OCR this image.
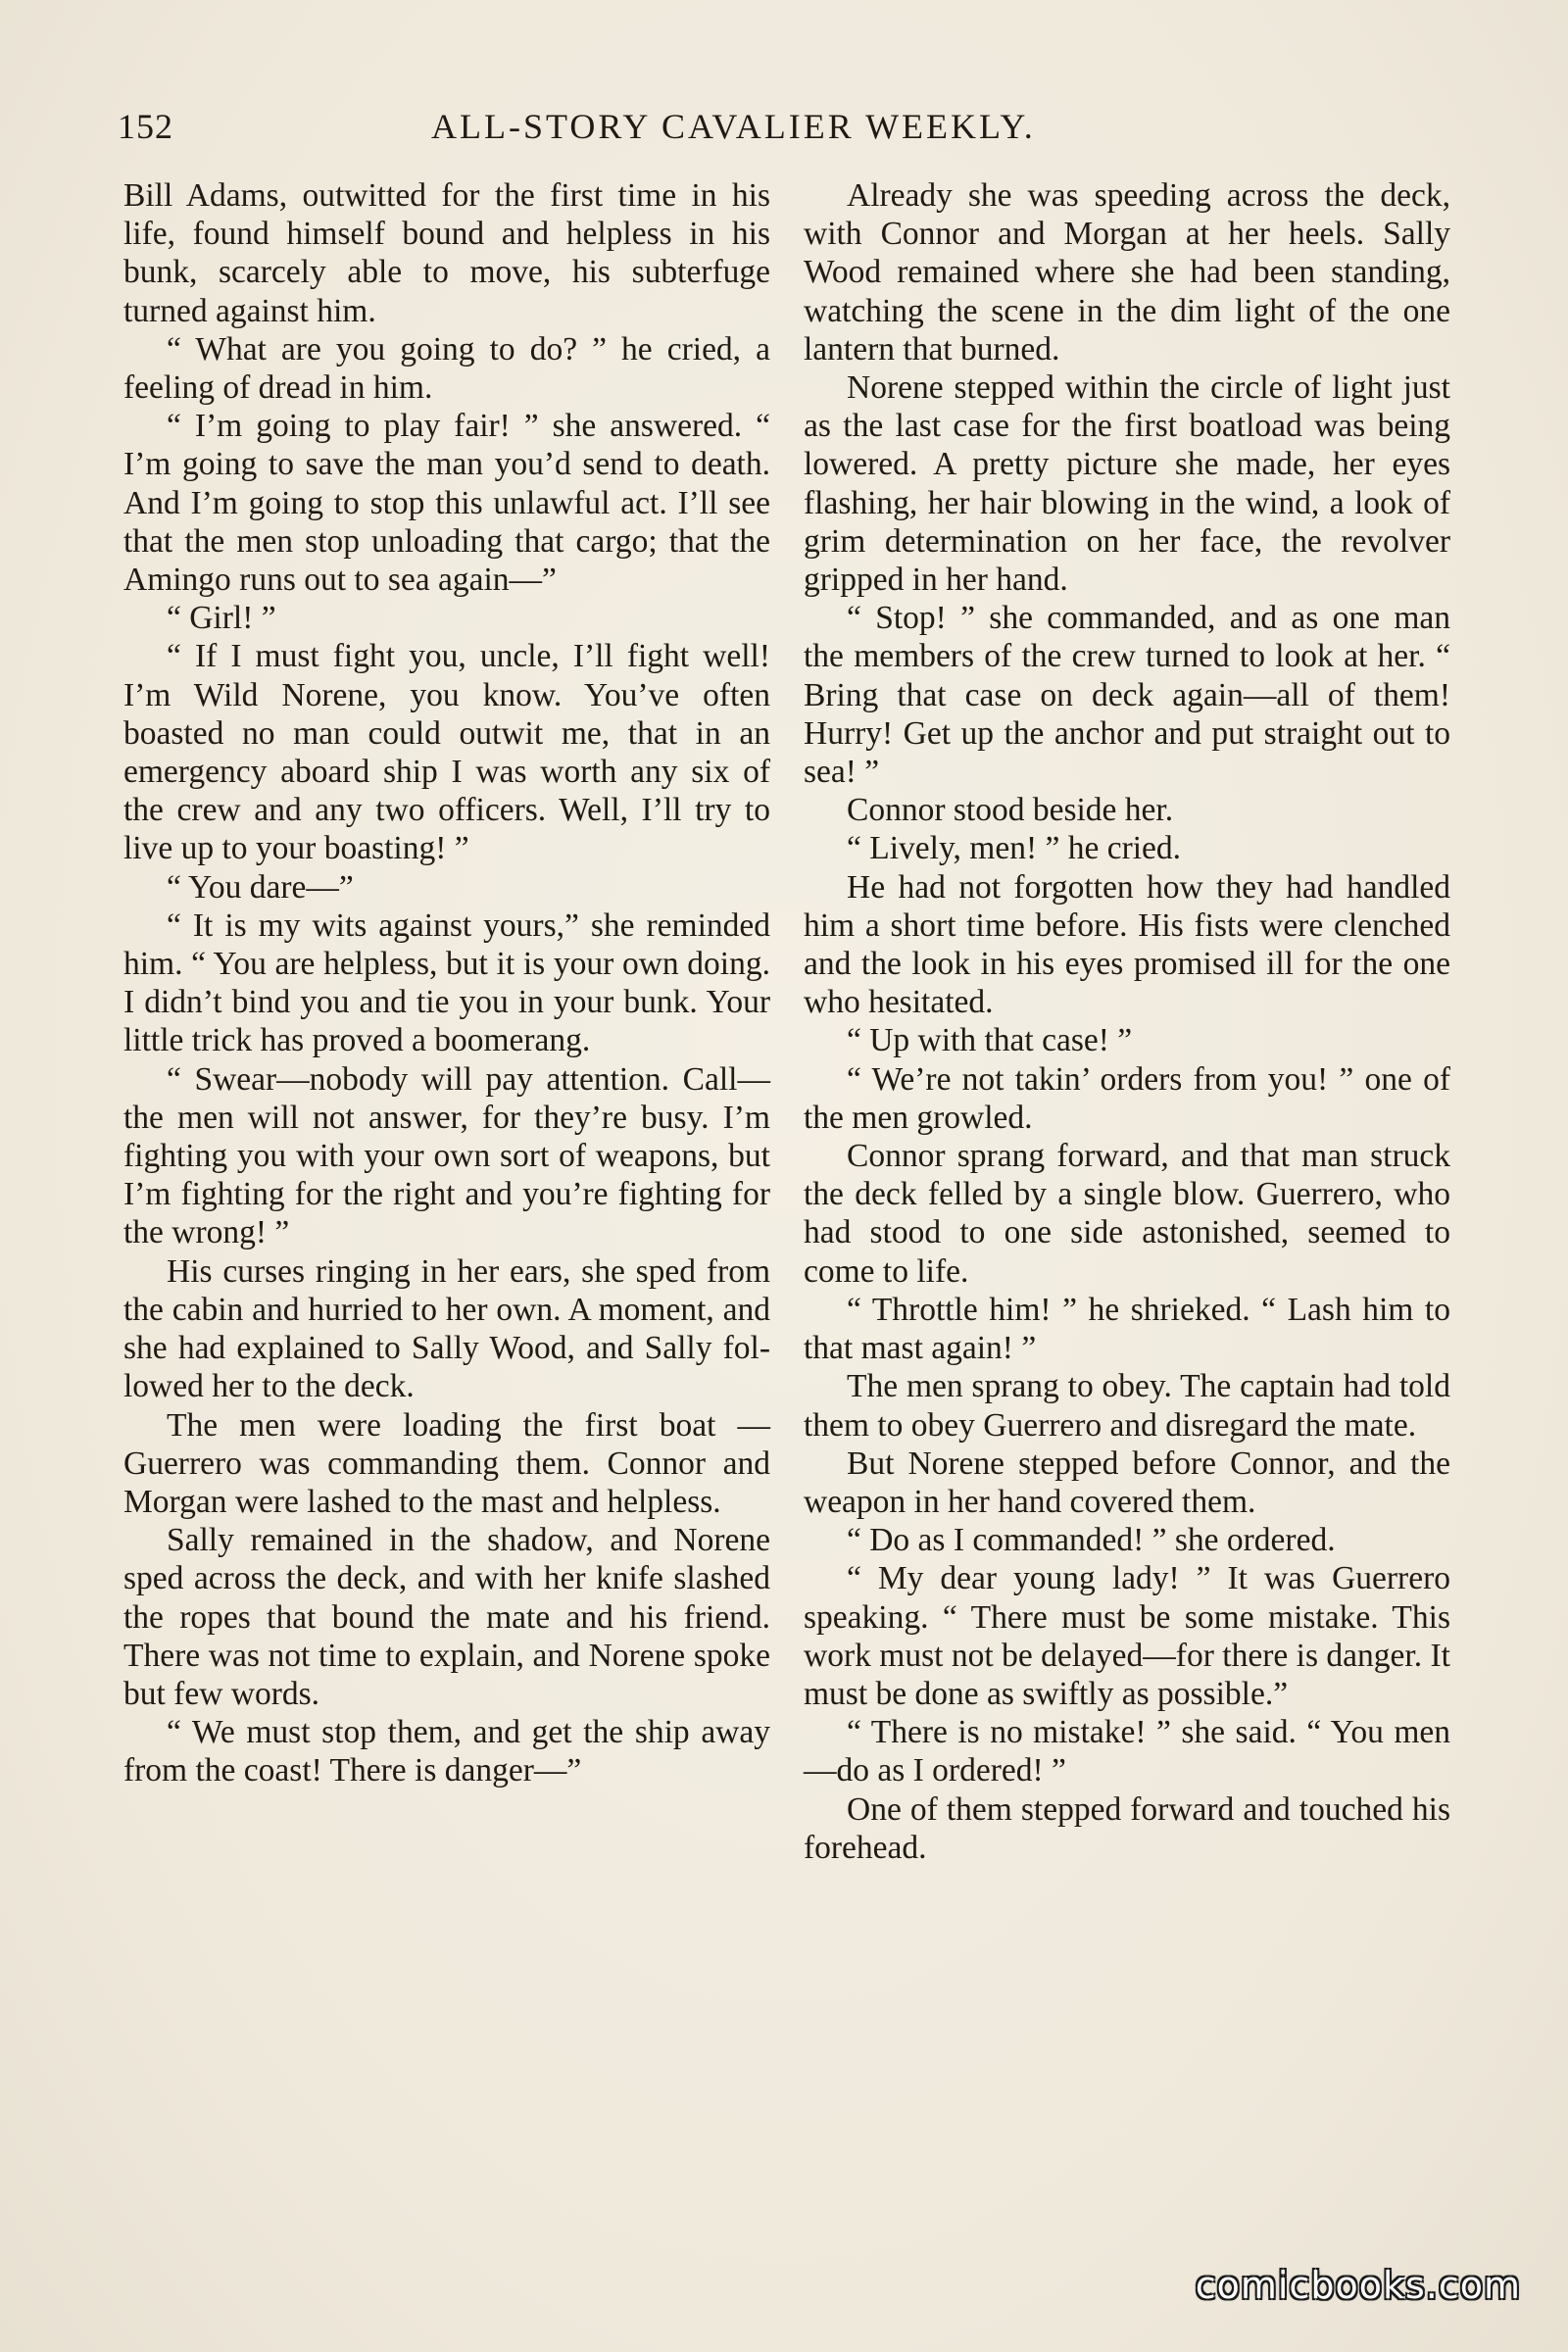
152	ALL-STORY CAVALIER WEEKLY.

Bill Adams, outwitted for the first time in his life, found himself bound and helpless in his bunk, scarcely able to move, his subterfuge turned against him.

“ What are you going to do? ” he cried, a feeling of dread in him.

“ I’m going to play fair! ” she answered. “ I’m going to save the man you’d send to death. And I’m going to stop this unlawful act. I’ll see that the men stop unloading that cargo; that the Amingo runs out to sea again—”

“ Girl! ”

“ If I must fight you, uncle, I’ll fight well! I’m Wild Norene, you know. You’ve often boasted no man could outwit me, that in an emergency aboard ship I was worth any six of the crew and any two officers. Well, I’ll try to live up to your boasting! ”

“ You dare—”

“ It is my wits against yours,” she reminded him. “ You are helpless, but it is your own doing. I didn’t bind you and tie you in your bunk. Your little trick has proved a boomerang.

“ Swear—nobody will pay attention. Call—the men will not answer, for they’re busy. I’m fighting you with your own sort of weapons, but I’m fighting for the right and you’re fighting for the wrong! ”

His curses ringing in her ears, she sped from the cabin and hurried to her own. A moment, and she had explained to Sally Wood, and Sally followed her to the deck.

The men were loading the first boat —Guerrero was commanding them. Connor and Morgan were lashed to the mast and helpless.

Sally remained in the shadow, and Norene sped across the deck, and with her knife slashed the ropes that bound the mate and his friend. There was not time to explain, and Norene spoke but few words.

“ We must stop them, and get the ship away from the coast! There is danger—”

Already she was speeding across the deck, with Connor and Morgan at her heels. Sally Wood remained where she had been standing, watching the scene in the dim light of the one lantern that burned.

Norene stepped within the circle of light just as the last case for the first boatload was being lowered. A pretty picture she made, her eyes flashing, her hair blowing in the wind, a look of grim determination on her face, the revolver gripped in her hand.

“ Stop! ” she commanded, and as one man the members of the crew turned to look at her. “ Bring that case on deck again—all of them! Hurry! Get up the anchor and put straight out to sea! ”

Connor stood beside her.

“ Lively, men! ” he cried.

He had not forgotten how they had handled him a short time before. His fists were clenched and the look in his eyes promised ill for the one who hesitated.

“ Up with that case! ”

“ We’re not takin’ orders from you! ” one of the men growled.

Connor sprang forward, and that man struck the deck felled by a single blow. Guerrero, who had stood to one side astonished, seemed to come to life.

“ Throttle him! ” he shrieked. “ Lash him to that mast again! ”

The men sprang to obey. The captain had told them to obey Guerrero and disregard the mate.

But Norene stepped before Connor, and the weapon in her hand covered them.

“ Do as I commanded! ” she ordered.

“ My dear young lady! ” It was Guerrero speaking. “ There must be some mistake. This work must not be delayed—for there is danger. It must be done as swiftly as possible.”

“ There is no mistake! ” she said. “ You men—do as I ordered! ”

One of them stepped forward and touched his forehead.

comicbooks.com
